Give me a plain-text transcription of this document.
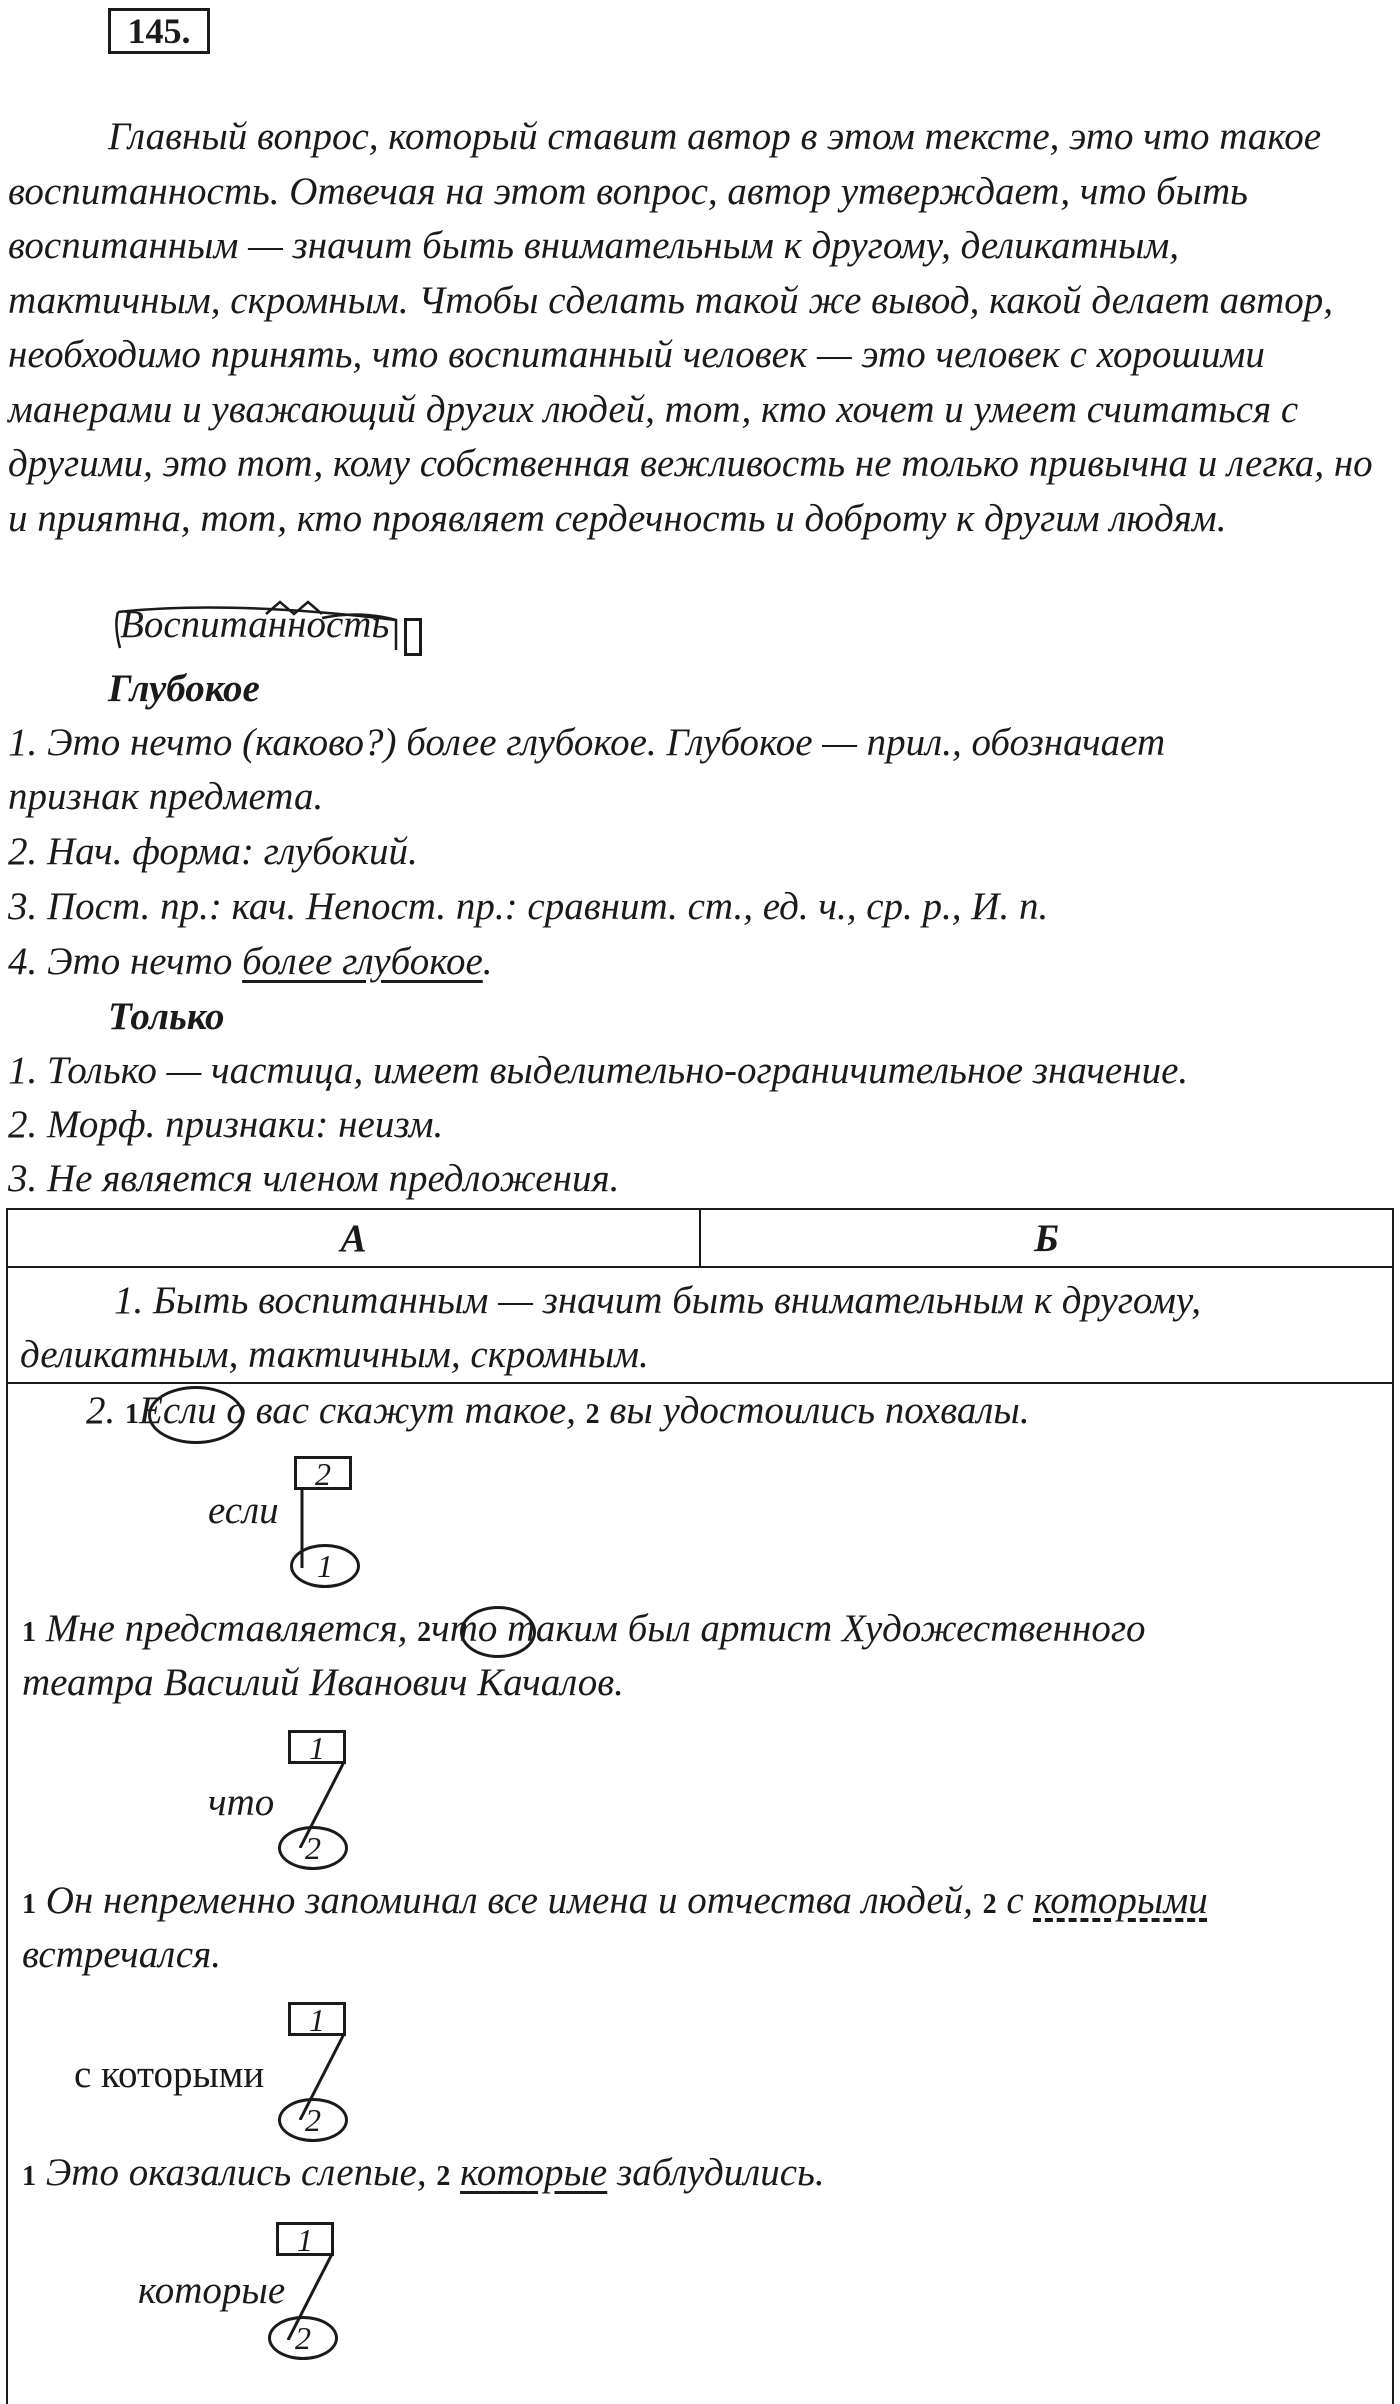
145.

Главный вопрос, который ставит автор в этом тексте, это что такое воспитанность. Отвечая на этот вопрос, автор утверждает, что быть воспитанным — значит быть внимательным к другому, деликатным, тактичным, скромным. Чтобы сделать такой же вывод, какой делает автор, необходимо принять, что воспитанный человек — это человек с хорошими манерами и уважающий других людей, тот, кто хочет и умеет считаться с другими, это тот, кому собственная вежливость не только привычна и легка, но и приятна, тот, кто проявляет сердечность и доброту к другим людям.

Воспитанность
Глубокое
1. Это нечто (каково?) более глубокое. Глубокое — прил., обозначает
признак предмета.
2. Нач. форма: глубокий.
3. Пост. пр.: кач. Непост. пр.: сравнит. ст., ед. ч., ср. р., И. п.
4. Это нечто более глубокое.
Только
1. Только — частица, имеет выделительно-ограничительное значение.
2. Морф. признаки: неизм.
3. Не является членом предложения.
А	Б

1. Быть воспитанным — значит быть внимательным к другому,
деликатным, тактичным, скромным.

2. 1Если о вас скажут такое, 2 вы удостоились похвалы.
2
если
1
1 Мне представляется, 2что таким был артист Художественного
театра Василий Иванович Качалов.
1
что
2
1 Он непременно запоминал все имена и отчества людей, 2 с которыми
встречался.
1
с которыми
2
1 Это оказались слепые, 2 которые заблудились.
1
которые
2
